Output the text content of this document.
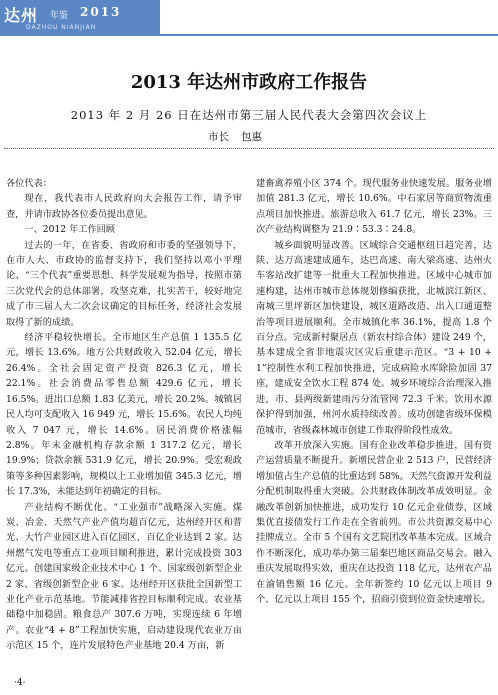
达州 年鉴 2013
DAZHOU NIANJIAN
2013 年达州市政府工作报告
2013 年 2 月 26 日在达州市第三届人民代表大会第四次会议上
市长 包惠

各位代表：

现在，我代表市人民政府向大会报告工作，请予审查，并请市政协各位委员提出意见。

一、2012 年工作回顾

过去的一年，在省委、省政府和市委的坚强领导下，在市人大、市政协的监督支持下，我们坚持以邓小平理论、“三个代表”重要思想、科学发展观为指导，按照市第三次党代会的总体部署，攻坚克难，扎实苦干，较好地完成了市三届人大二次会议确定的目标任务，经济社会发展取得了新的成绩。

经济平稳较快增长。全市地区生产总值 1 135.5 亿元，增长 13.6%。地方公共财政收入 52.04 亿元，增长 26.4%。全社会固定资产投资 826.3 亿元，增长 22.1%。社会消费品零售总额 429.6 亿元，增长 16.5%。进出口总额 1.83 亿美元，增长 20.2%。城镇居民人均可支配收入 16 949 元，增长 15.6%。农民人均纯收入 7 047 元，增长 14.6%。居民消费价格涨幅 2.8%。年末金融机构存款余额 1 317.2 亿元，增长 19.9%；贷款余额 531.9 亿元，增长 20.9%。受宏观政策等多种因素影响，规模以上工业增加值 345.3 亿元，增长 17.3%，未能达到年初确定的目标。

产业结构不断优化。“工业强市”战略深入实施。煤炭、冶金、天然气产业产值均超百亿元，达州经开区和普光、大竹产业园区进入百亿园区，百亿企业达到 2 家。达州燃气发电等重点工业项目顺利推进，累计完成投资 303 亿元。创建国家级企业技术中心 1 个、国家级创新型企业 2 家、省级创新型企业 6 家。达州经开区获批全国新型工业化产业示范基地。节能减排省控目标顺利完成。农业基础稳中加稳固。粮食总产 307.6 万吨，实现连续 6 年增产。农业“4 + 8”工程加快实施，启动建设现代农业万亩示范区 15 个，连片发展特色产业基地 20.4 万亩，新

建畜禽养殖小区 374 个。现代服务业快速发展。服务业增加值 281.3 亿元，增长 10.6%。中石家居等商贸物流重点项目加快推进。旅游总收入 61.7 亿元，增长 23%。三次产业结构调整为 21.9∶53.3∶24.8。

城乡面貌明显改善。区域综合交通枢纽日趋完善，达陕、达万高速建成通车，达巴高速、南大梁高速、达州火车客站改扩建等一批重大工程加快推进。区域中心城市加速构建，达州市城市总体规划修编获批，北城滨江新区、南城三里坪新区加快建设，城区道路改造、出入口通道整治等项目进展顺利。全市城镇化率 36.1%，提高 1.8 个百分点。完成新村聚居点（新农村综合体）建设 249 个，基本建成全省非地震灾区灾后重建示范区。“3 + 10 + 1”控制性水利工程加快推进，完成病险水库除险加固 37 座，建成安全饮水工程 874 处。城乡环境综合治理深入推进，市、县两级新建雨污分流管网 72.3 千米。饮用水源保护得到加强，州河水质持续改善。成功创建省级环保模范城市，省级森林城市创建工作取得阶段性成效。

改革开放深入实施。国有企业改革稳步推进，国有资产运营质量不断提升。新增民营企业 2 513 户，民营经济增加值占生产总值的比重达到 58%。天然气资源开发利益分配机制取得重大突破。公共财政体制改革成效明显。金融改革创新加快推进，成功发行 10 亿元企业债券，区域集优直接债发行工作走在全省前列。市公共资源交易中心挂牌成立。全市 5 个国有文艺院团改革基本完成。区域合作不断深化，成功举办第三届秦巴地区商品交易会。融入重庆发展取得实效，重庆在达投资 118 亿元，达州农产品在渝销售额 16 亿元。全年新签约 10 亿元以上项目 9 个、亿元以上项目 155 个，招商引资到位资金快速增长。

·4·
